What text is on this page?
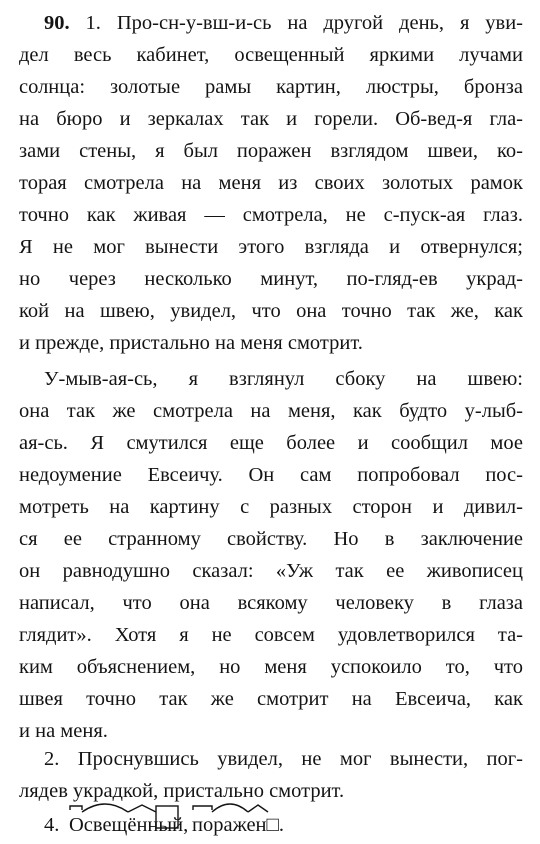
90. 1. Про-сн-у-вш-и-сь на другой день, я уви-
дел весь кабинет, освещенный яркими лучами
солнца: золотые рамы картин, люстры, бронза
на бюро и зеркалах так и горели. Об-вед-я гла-
зами стены, я был поражен взглядом швеи, ко-
торая смотрела на меня из своих золотых рамок
точно как живая — смотрела, не с-пуск-ая глаз.
Я не мог вынести этого взгляда и отвернулся;
но через несколько минут, по-гляд-ев украд-
кой на швею, увидел, что она точно так же, как
и прежде, пристально на меня смотрит.
У-мыв-ая-сь, я взглянул сбоку на швею:
она так же смотрела на меня, как будто у-лыб-
ая-сь. Я смутился еще более и сообщил мое
недоумение Евсеичу. Он сам попробовал пос-
мотреть на картину с разных сторон и дивил-
ся ее странному свойству. Но в заключение
он равнодушно сказал: «Уж так ее живописец
написал, что она всякому человеку в глаза
глядит». Хотя я не совсем удовлетворился та-
ким объяснением, но меня успокоило то, что
швея точно так же смотрит на Евсеича, как
и на меня.
2. Проснувшись увидел, не мог вынести, пог-
лядев украдкой, пристально смотрит.
4. Освещённый, поражен□.
